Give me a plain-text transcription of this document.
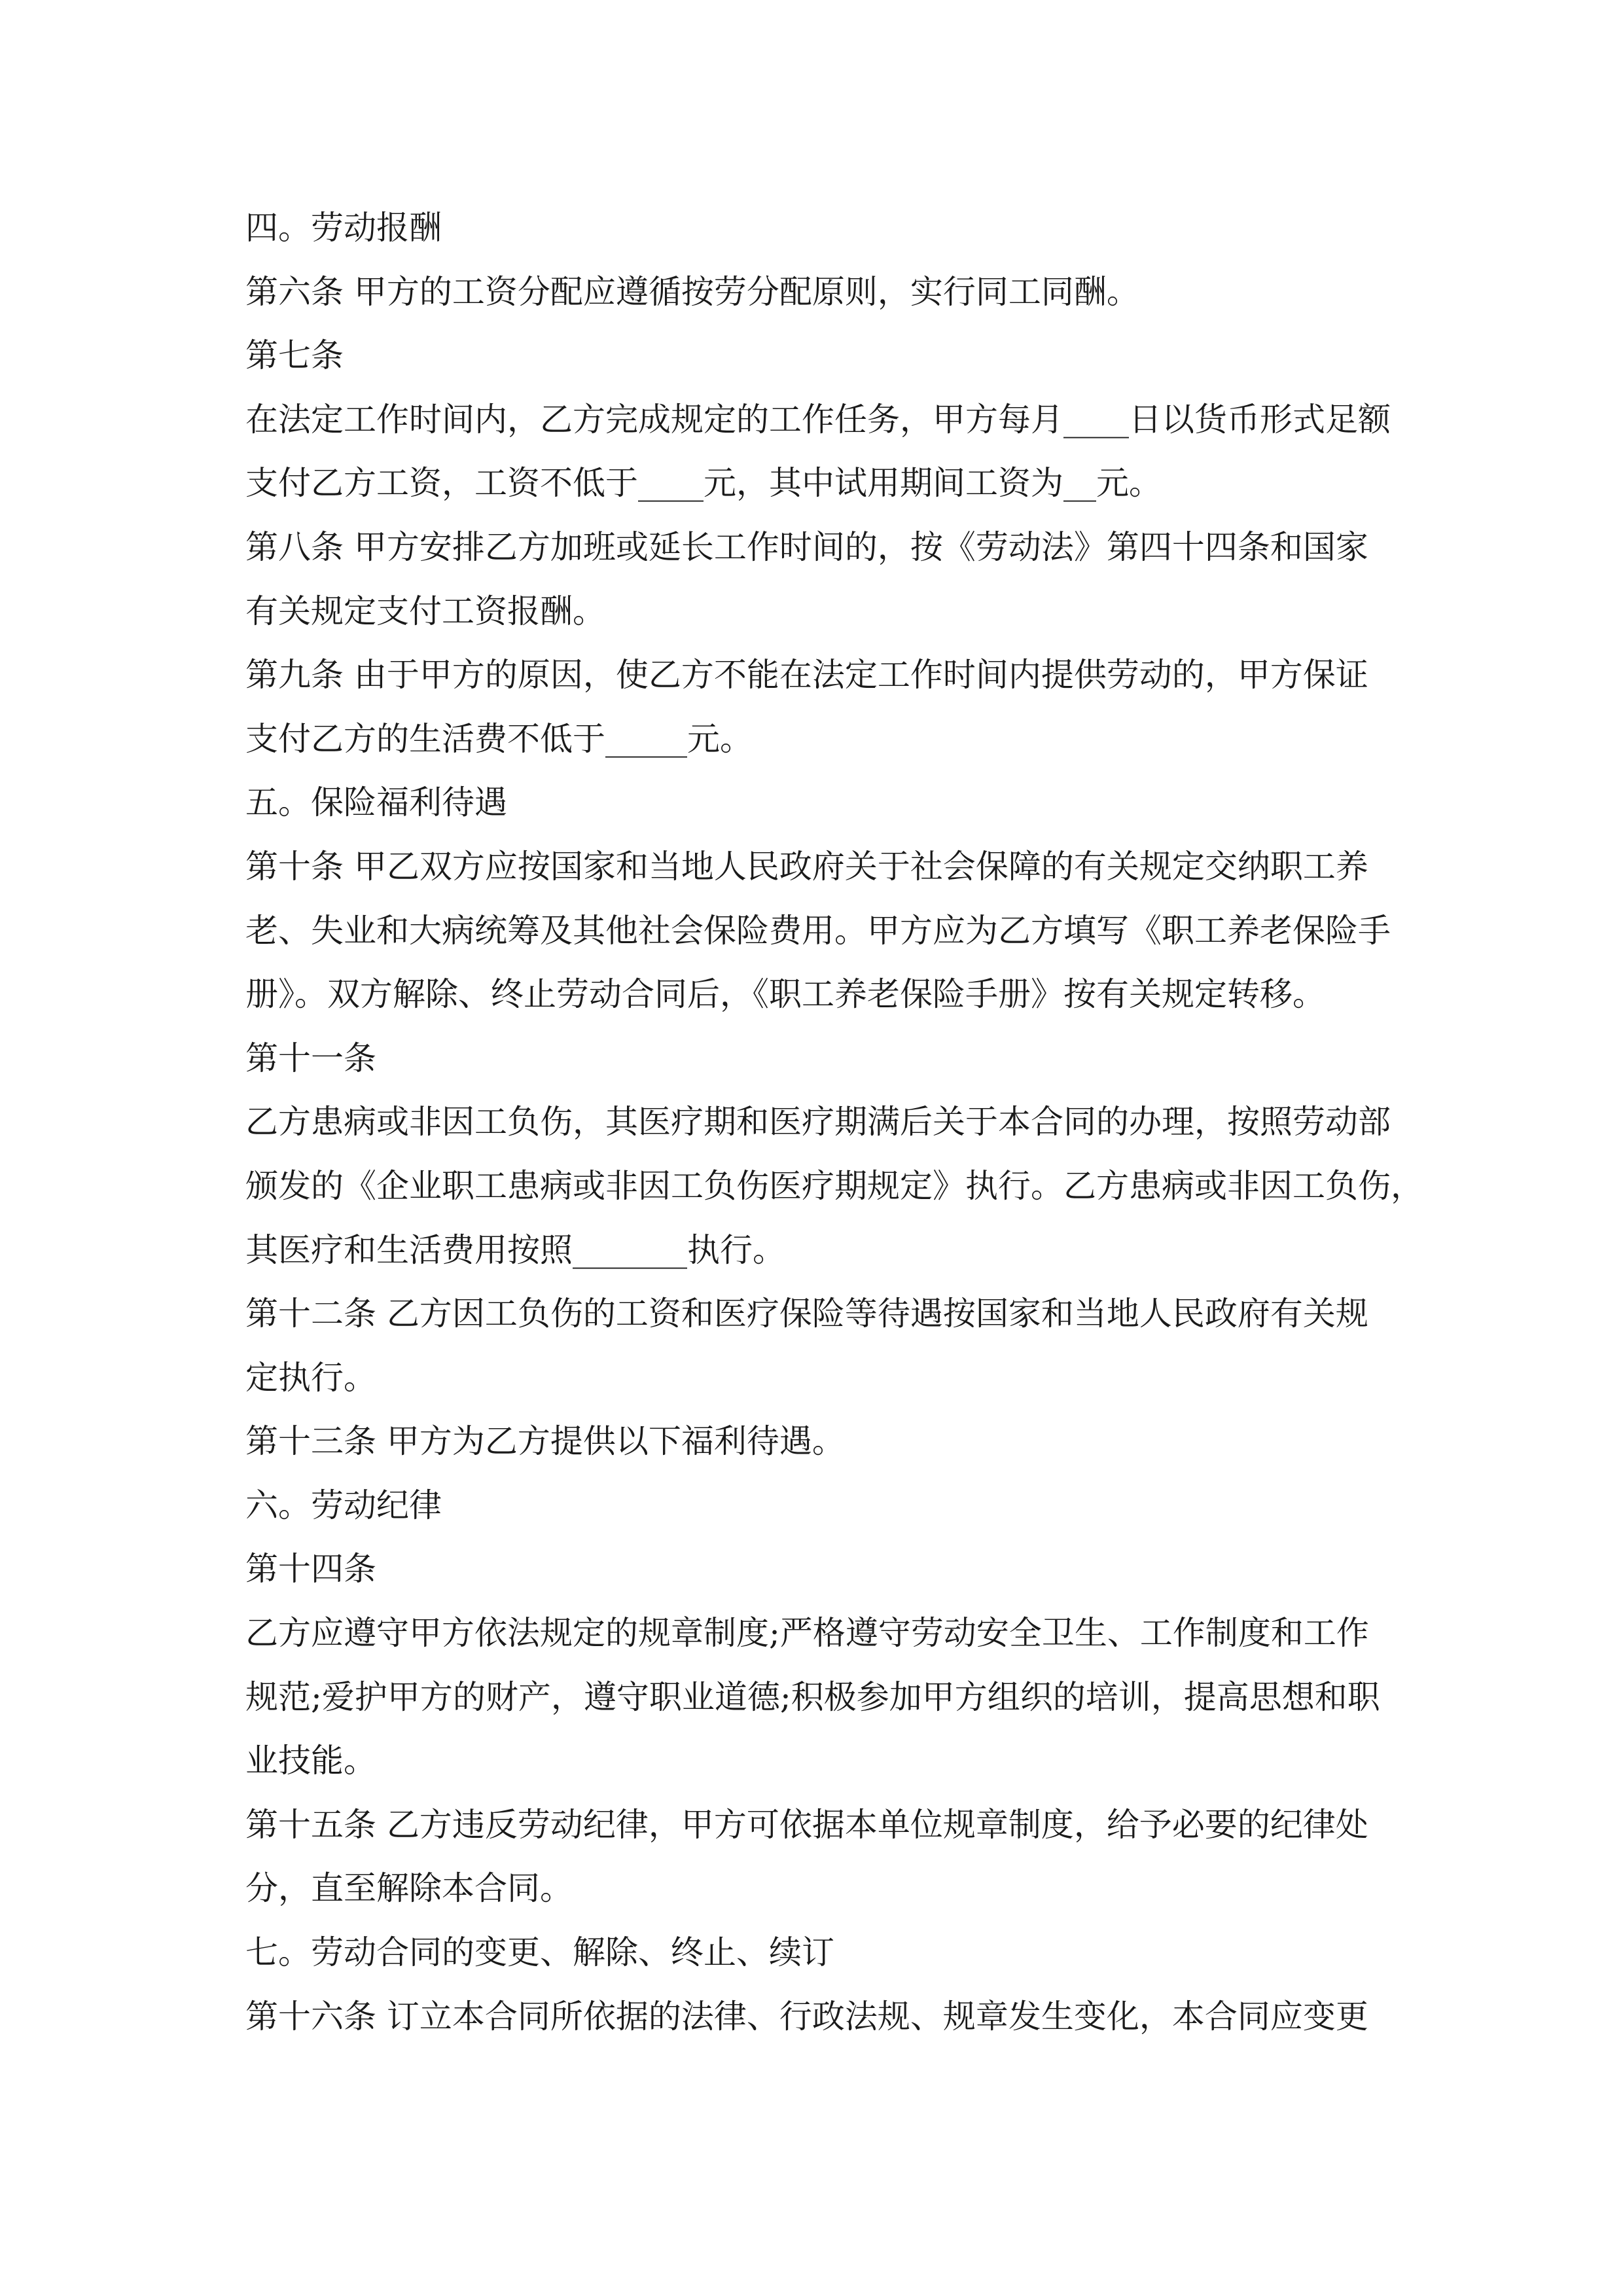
四。劳动报酬
第六条 甲方的工资分配应遵循按劳分配原则，实行同工同酬。
第七条
在法定工作时间内，乙方完成规定的工作任务，甲方每月____日以货币形式足额
支付乙方工资，工资不低于____元，其中试用期间工资为__元。
第八条 甲方安排乙方加班或延长工作时间的，按《劳动法》第四十四条和国家
有关规定支付工资报酬。
第九条 由于甲方的原因，使乙方不能在法定工作时间内提供劳动的，甲方保证
支付乙方的生活费不低于_____元。
五。保险福利待遇
第十条 甲乙双方应按国家和当地人民政府关于社会保障的有关规定交纳职工养
老、失业和大病统筹及其他社会保险费用。甲方应为乙方填写《职工养老保险手
册》。双方解除、终止劳动合同后，《职工养老保险手册》按有关规定转移。
第十一条
乙方患病或非因工负伤，其医疗期和医疗期满后关于本合同的办理，按照劳动部
颁发的《企业职工患病或非因工负伤医疗期规定》执行。乙方患病或非因工负伤，
其医疗和生活费用按照_______执行。
第十二条 乙方因工负伤的工资和医疗保险等待遇按国家和当地人民政府有关规
定执行。
第十三条 甲方为乙方提供以下福利待遇。
六。劳动纪律
第十四条
乙方应遵守甲方依法规定的规章制度;严格遵守劳动安全卫生、工作制度和工作
规范;爱护甲方的财产，遵守职业道德;积极参加甲方组织的培训，提高思想和职
业技能。
第十五条 乙方违反劳动纪律，甲方可依据本单位规章制度，给予必要的纪律处
分，直至解除本合同。
七。劳动合同的变更、解除、终止、续订
第十六条 订立本合同所依据的法律、行政法规、规章发生变化，本合同应变更
